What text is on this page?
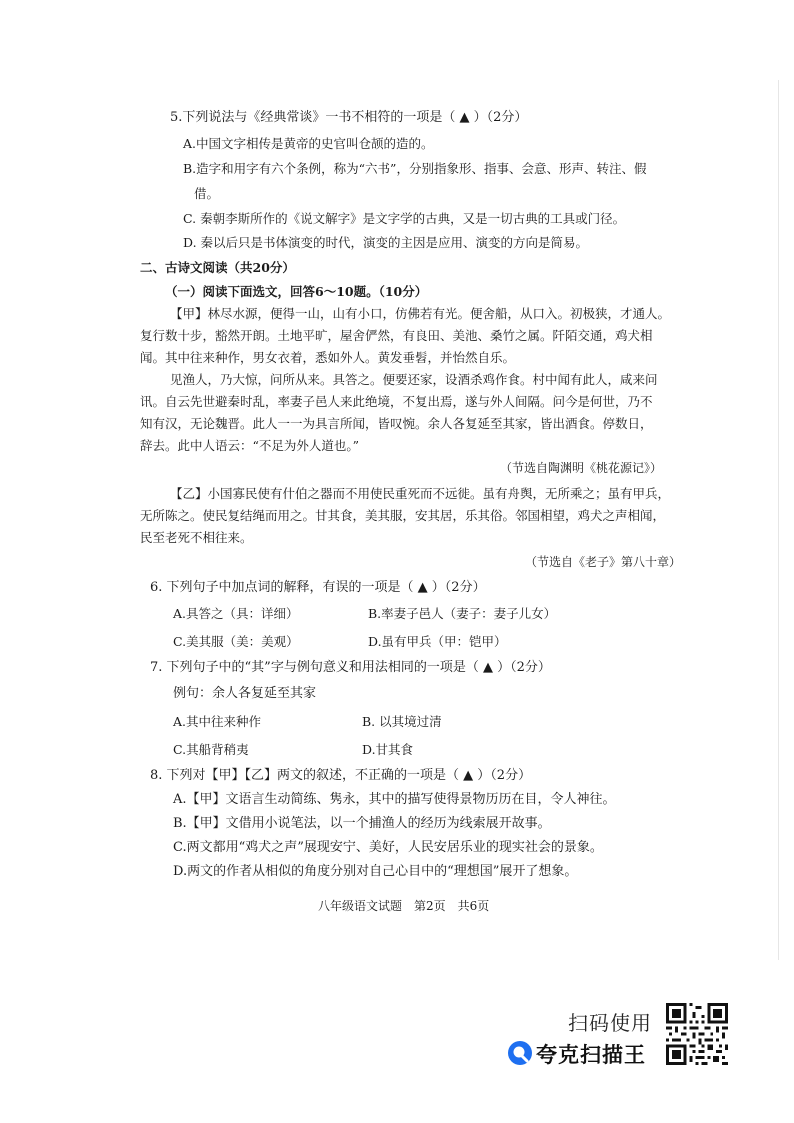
5.下列说法与《经典常谈》一书不相符的一项是（ ▲ ）（2分）
A.中国文字相传是黄帝的史官叫仓颉的造的。
B.造字和用字有六个条例，称为“六书”，分别指象形、指事、会意、形声、转注、假
借。
C. 秦朝李斯所作的《说文解字》是文字学的古典，又是一切古典的工具或门径。
D. 秦以后只是书体演变的时代，演变的主因是应用、演变的方向是简易。
二、古诗文阅读（共20分）
（一）阅读下面选文，回答6～10题。（10分）
【甲】林尽水源，便得一山，山有小口，仿佛若有光。便舍船，从口入。初极狭，才通人。
复行数十步，豁然开朗。土地平旷，屋舍俨然，有良田、美池、桑竹之属。阡陌交通，鸡犬相
闻。其中往来种作，男女衣着，悉如外人。黄发垂髫，并怡然自乐。
见渔人，乃大惊，问所从来。具答之。便要还家，设酒杀鸡作食。村中闻有此人，咸来问
讯。自云先世避秦时乱，率妻子邑人来此绝境，不复出焉，遂与外人间隔。问今是何世，乃不
知有汉，无论魏晋。此人一一为具言所闻，皆叹惋。余人各复延至其家，皆出酒食。停数日，
辞去。此中人语云：“不足为外人道也。”
（节选自陶渊明《桃花源记》）
【乙】小国寡民使有什伯之器而不用使民重死而不远徙。虽有舟舆，无所乘之；虽有甲兵，
无所陈之。使民复结绳而用之。甘其食，美其服，安其居，乐其俗。邻国相望，鸡犬之声相闻，
民至老死不相往来。
（节选自《老子》第八十章）
6. 下列句子中加点词的解释，有误的一项是（ ▲ ）（2分）
A.具答之（具：详细）	B.率妻子邑人（妻子：妻子儿女）
C.美其服（美：美观）	D.虽有甲兵（甲：铠甲）
7. 下列句子中的“其”字与例句意义和用法相同的一项是（ ▲ ）（2分）
例句：余人各复延至其家
A.其中往来种作	B. 以其境过清
C.其船背稍夷	D.甘其食
8. 下列对【甲】【乙】两文的叙述，不正确的一项是（ ▲ ）（2分）
A.【甲】文语言生动简练、隽永，其中的描写使得景物历历在目，令人神往。
B.【甲】文借用小说笔法，以一个捕渔人的经历为线索展开故事。
C.两文都用“鸡犬之声”展现安宁、美好，人民安居乐业的现实社会的景象。
D.两文的作者从相似的角度分别对自己心目中的“理想国”展开了想象。
八年级语文试题　第2页　共6页
扫码使用
夸克扫描王
